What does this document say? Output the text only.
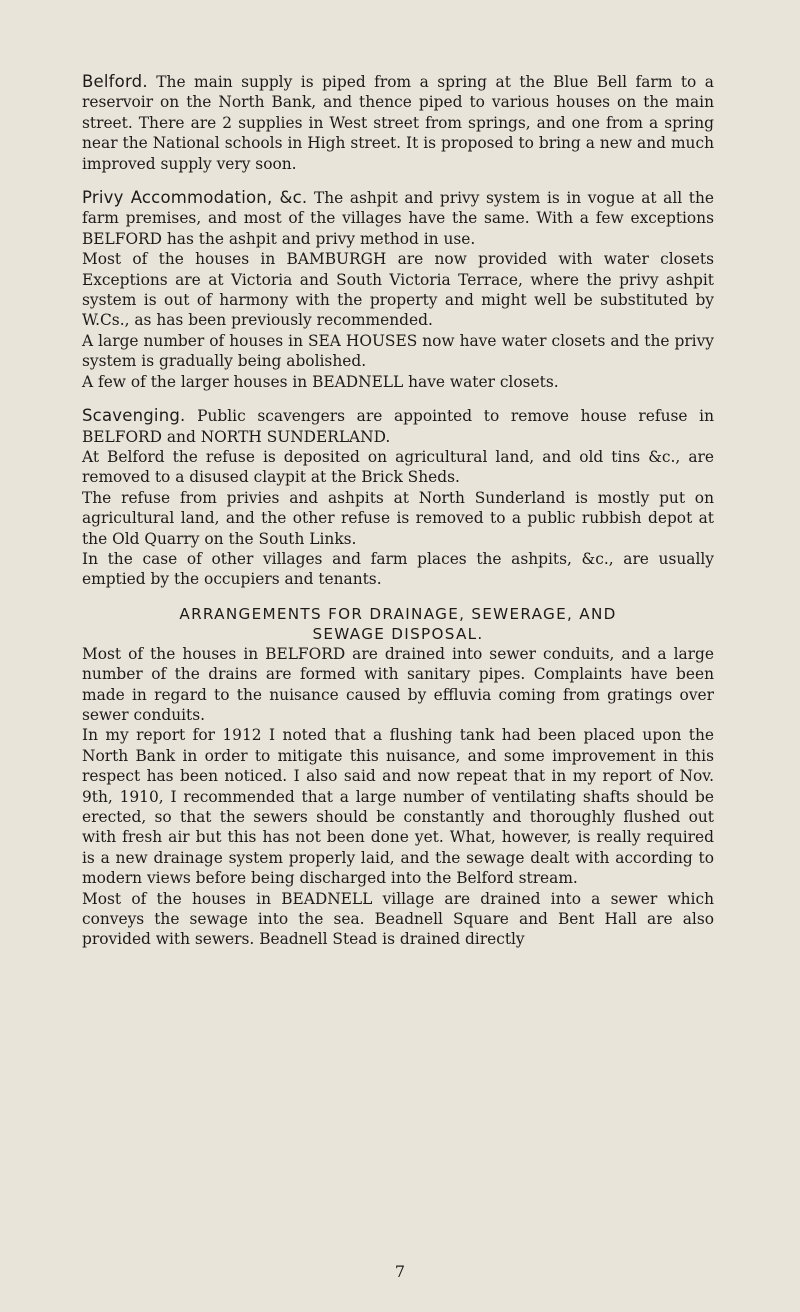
Belford. The main supply is piped from a spring at the Blue Bell farm to a reservoir on the North Bank, and thence piped to various houses on the main street. There are 2 supplies in West street from springs, and one from a spring near the National schools in High street. It is proposed to bring a new and much improved supply very soon.

Privy Accommodation, &c. The ashpit and privy system is in vogue at all the farm premises, and most of the villages have the same. With a few exceptions BELFORD has the ashpit and privy method in use.

Most of the houses in BAMBURGH are now provided with water closets Exceptions are at Victoria and South Victoria Terrace, where the privy ashpit system is out of harmony with the property and might well be substituted by W.Cs., as has been previously recommended.

A large number of houses in SEA HOUSES now have water closets and the privy system is gradually being abolished.

A few of the larger houses in BEADNELL have water closets.

Scavenging. Public scavengers are appointed to remove house refuse in BELFORD and NORTH SUNDERLAND.

At Belford the refuse is deposited on agricultural land, and old tins &c., are removed to a disused claypit at the Brick Sheds.

The refuse from privies and ashpits at North Sunderland is mostly put on agricultural land, and the other refuse is removed to a public rubbish depot at the Old Quarry on the South Links.

In the case of other villages and farm places the ashpits, &c., are usually emptied by the occupiers and tenants.

ARRANGEMENTS FOR DRAINAGE, SEWERAGE, AND
SEWAGE DISPOSAL.

Most of the houses in BELFORD are drained into sewer conduits, and a large number of the drains are formed with sanitary pipes. Complaints have been made in regard to the nuisance caused by effluvia coming from gratings over sewer conduits.

In my report for 1912 I noted that a flushing tank had been placed upon the North Bank in order to mitigate this nuisance, and some improvement in this respect has been noticed. I also said and now repeat that in my report of Nov. 9th, 1910, I recommended that a large number of ventilating shafts should be erected, so that the sewers should be constantly and thoroughly flushed out with fresh air but this has not been done yet. What, however, is really required is a new drainage system properly laid, and the sewage dealt with according to modern views before being discharged into the Belford stream.

Most of the houses in BEADNELL village are drained into a sewer which conveys the sewage into the sea. Beadnell Square and Bent Hall are also provided with sewers. Beadnell Stead is drained directly

7
